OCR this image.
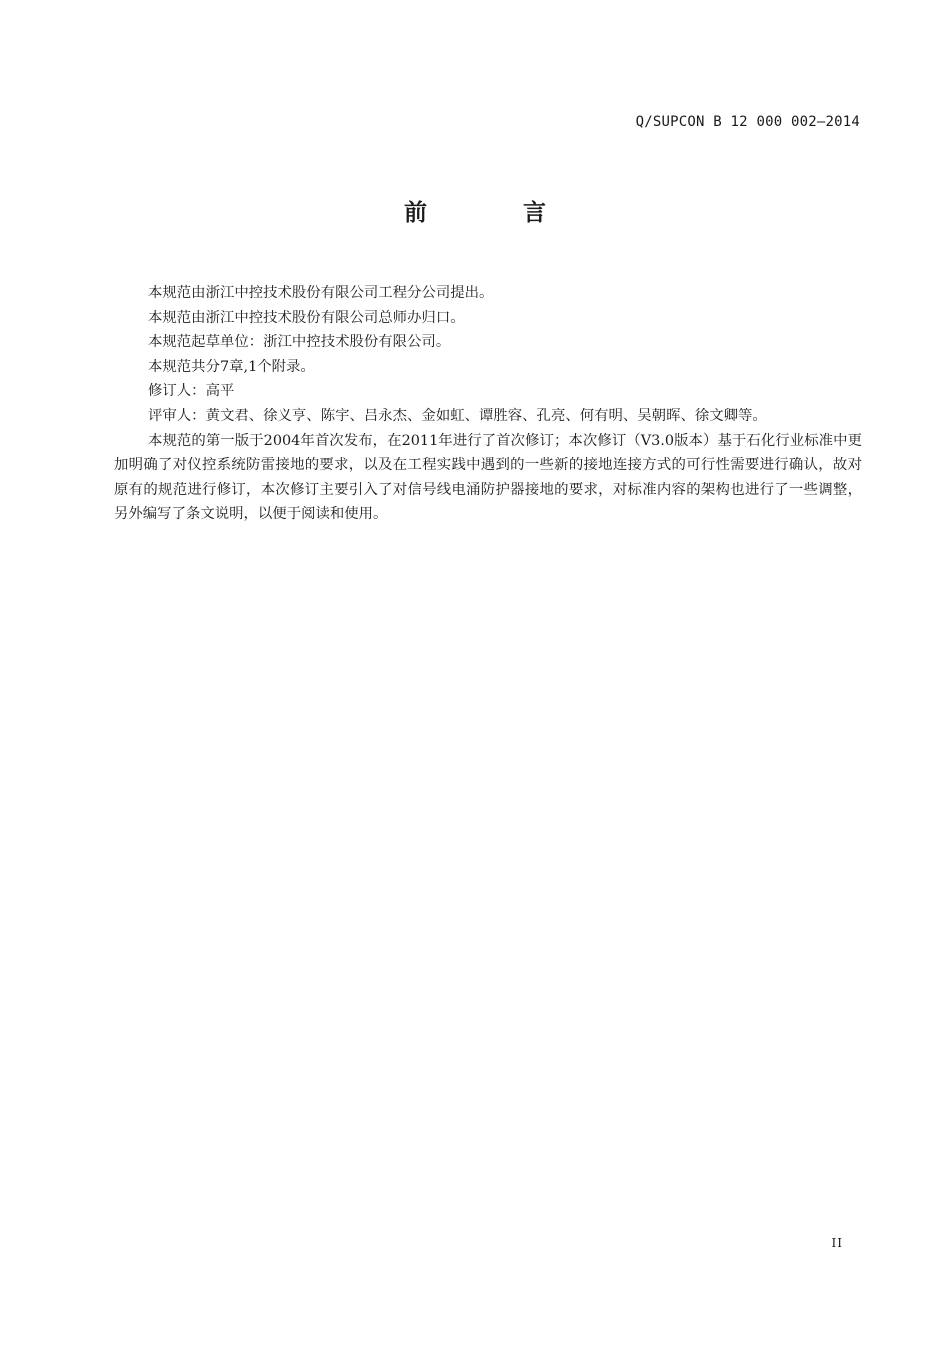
Q/SUPCON B 12 000 002—2014
前	言

本规范由浙江中控技术股份有限公司工程分公司提出。

本规范由浙江中控技术股份有限公司总师办归口。

本规范起草单位：浙江中控技术股份有限公司。

本规范共分7章,1个附录。

修订人：高平

评审人：黄文君、徐义亨、陈宇、吕永杰、金如虹、谭胜容、孔亮、何有明、吴朝晖、徐文卿等。

本规范的第一版于2004年首次发布，在2011年进行了首次修订；本次修订（V3.0版本）基于石化行业标准中更加明确了对仪控系统防雷接地的要求，以及在工程实践中遇到的一些新的接地连接方式的可行性需要进行确认，故对原有的规范进行修订，本次修订主要引入了对信号线电涌防护器接地的要求，对标准内容的架构也进行了一些调整，另外编写了条文说明，以便于阅读和使用。

II
